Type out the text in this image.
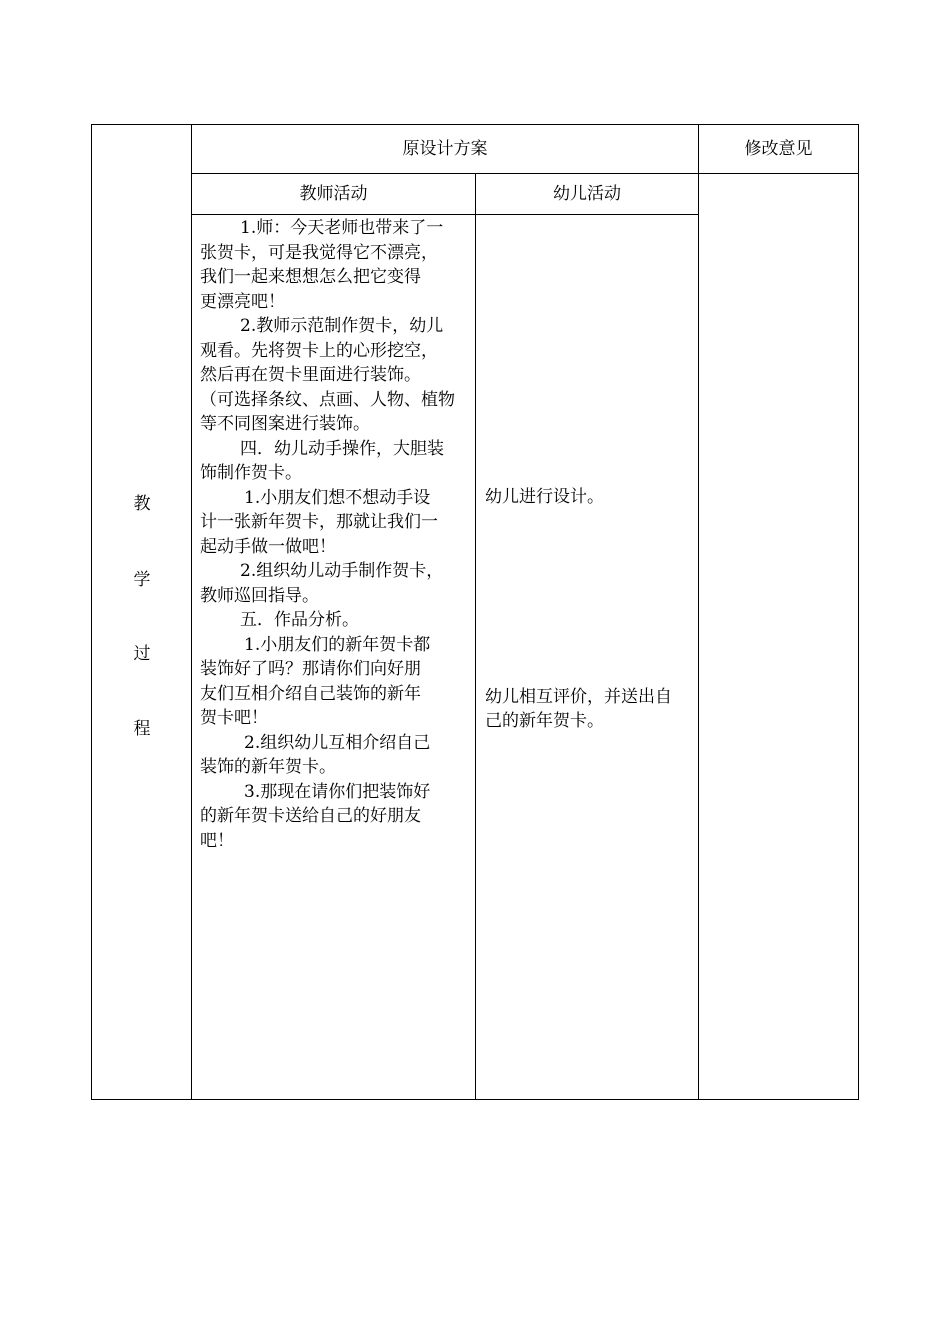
原设计方案	修改意见
教师活动	幼儿活动
教
学
过
程
1.师：今天老师也带来了一
张贺卡，可是我觉得它不漂亮，
我们一起来想想怎么把它变得
更漂亮吧！
2.教师示范制作贺卡，幼儿
观看。先将贺卡上的心形挖空，
然后再在贺卡里面进行装饰。
（可选择条纹、点画、人物、植物
等不同图案进行装饰。
四．幼儿动手操作，大胆装
饰制作贺卡。
1.小朋友们想不想动手设
计一张新年贺卡，那就让我们一
起动手做一做吧！
2.组织幼儿动手制作贺卡，
教师巡回指导。
五．作品分析。
1.小朋友们的新年贺卡都
装饰好了吗？那请你们向好朋
友们互相介绍自己装饰的新年
贺卡吧！
2.组织幼儿互相介绍自己
装饰的新年贺卡。
3.那现在请你们把装饰好
的新年贺卡送给自己的好朋友
吧！
幼儿进行设计。
幼儿相互评价，并送出自
己的新年贺卡。
